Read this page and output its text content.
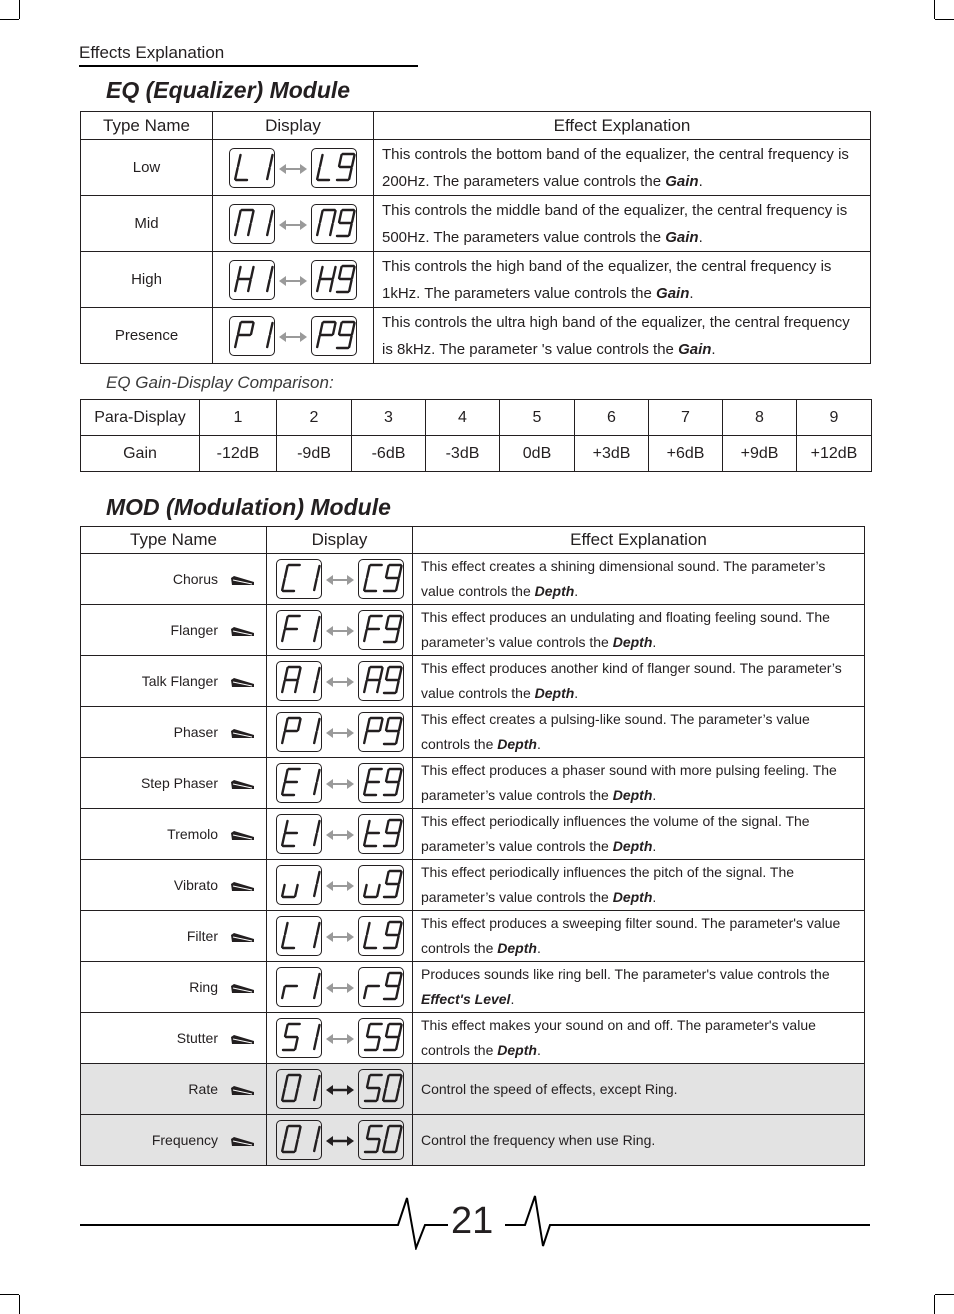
Effects Explanation
EQ (Equalizer) Module
Type Name	Display	Effect Explanation
Low		This controls the bottom band of the equalizer, the central frequency is 200Hz. The parameters value controls the Gain.
Mid		This controls the middle band of the equalizer, the central frequency is 500Hz. The parameters value controls the Gain.
High		This controls the high band of the equalizer, the central frequency is 1kHz. The parameters value controls the Gain.
Presence		This controls the ultra high band of the equalizer, the central frequency is 8kHz. The parameter 's value controls the Gain.
EQ Gain-Display Comparison:
Para-Display	1	2	3	4	5	6	7	8	9
Gain	-12dB	-9dB	-6dB	-3dB	0dB	+3dB	+6dB	+9dB	+12dB
MOD (Modulation) Module
Type Name	Display	Effect Explanation
Chorus		This effect creates a shining dimensional sound. The parameter’s value controls the Depth.
Flanger		This effect produces an undulating and floating feeling sound. The parameter’s value controls the Depth.
Talk Flanger		This effect produces another kind of flanger sound. The parameter’s value controls the Depth.
Phaser		This effect creates a pulsing-like sound. The parameter’s value controls the Depth.
Step Phaser		This effect produces a phaser sound with more pulsing feeling. The parameter’s value controls the Depth.
Tremolo		This effect periodically influences the volume of the signal. The parameter’s value controls the Depth.
Vibrato		This effect periodically influences the pitch of the signal. The parameter’s value controls the Depth.
Filter		This effect produces a sweeping filter sound. The parameter's value controls the Depth.
Ring		Produces sounds like ring bell. The parameter's value controls the Effect's Level.
Stutter		This effect makes your sound on and off. The parameter's value controls the Depth.
Rate		Control the speed of effects, except Ring.
Frequency		Control the frequency when use Ring.
21
